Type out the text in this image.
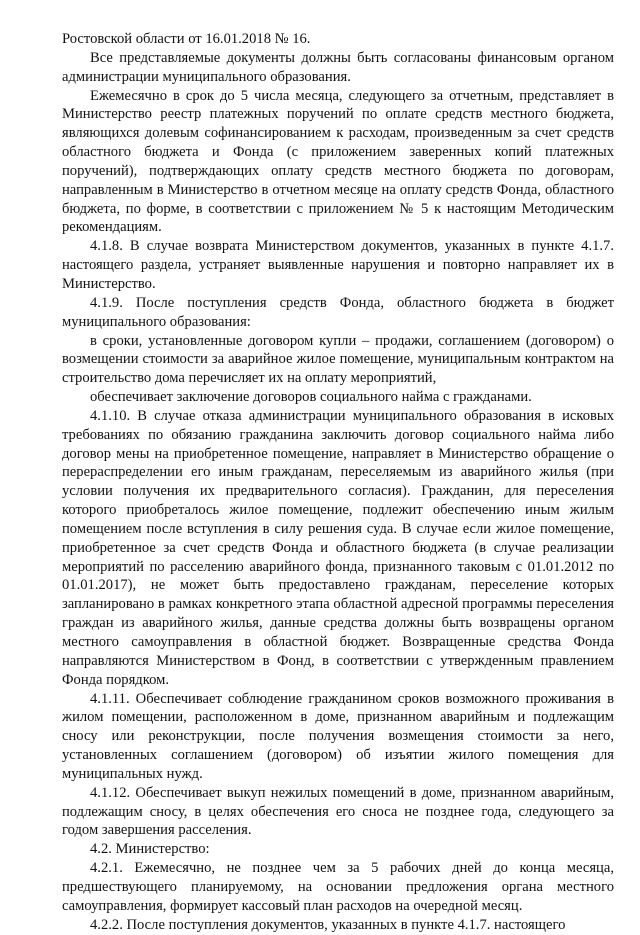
Ростовской области от 16.01.2018 № 16.

Все представляемые документы должны быть согласованы финансовым органом администрации муниципального образования.

Ежемесячно в срок до 5 числа месяца, следующего за отчетным, представляет в Министерство реестр платежных поручений по оплате средств местного бюджета, являющихся долевым софинансированием к расходам, произведенным за счет средств областного бюджета и Фонда (с приложением заверенных копий платежных поручений), подтверждающих оплату средств местного бюджета по договорам, направленным в Министерство в отчетном месяце на оплату средств Фонда, областного бюджета, по форме, в соответствии с приложением № 5 к настоящим Методическим рекомендациям.

4.1.8. В случае возврата Министерством документов, указанных в пункте 4.1.7. настоящего раздела, устраняет выявленные нарушения и повторно направляет их в Министерство.

4.1.9. После поступления средств Фонда, областного бюджета в бюджет муниципального образования:

в сроки, установленные договором купли – продажи, соглашением (договором) о возмещении стоимости за аварийное жилое помещение, муниципальным контрактом на строительство дома перечисляет их на оплату мероприятий,

обеспечивает заключение договоров социального найма с гражданами.

4.1.10. В случае отказа администрации муниципального образования в исковых требованиях по обязанию гражданина заключить договор социального найма либо договор мены на приобретенное помещение, направляет в Министерство обращение о перераспределении его иным гражданам, переселяемым из аварийного жилья (при условии получения их предварительного согласия). Гражданин, для переселения которого приобреталось жилое помещение, подлежит обеспечению иным жилым помещением после вступления в силу решения суда. В случае если жилое помещение, приобретенное за счет средств Фонда и областного бюджета (в случае реализации мероприятий по расселению аварийного фонда, признанного таковым с 01.01.2012 по 01.01.2017), не может быть предоставлено гражданам, переселение которых запланировано в рамках конкретного этапа областной адресной программы переселения граждан из аварийного жилья, данные средства должны быть возвращены органом местного самоуправления в областной бюджет. Возвращенные средства Фонда направляются Министерством в Фонд, в соответствии с утвержденным правлением Фонда порядком.

4.1.11. Обеспечивает соблюдение гражданином сроков возможного проживания в жилом помещении, расположенном в доме, признанном аварийным и подлежащим сносу или реконструкции, после получения возмещения стоимости за него, установленных соглашением (договором) об изъятии жилого помещения для муниципальных нужд.

4.1.12. Обеспечивает выкуп нежилых помещений в доме, признанном аварийным, подлежащим сносу, в целях обеспечения его сноса не позднее года, следующего за годом завершения расселения.

4.2. Министерство:

4.2.1. Ежемесячно, не позднее чем за 5 рабочих дней до конца месяца, предшествующего планируемому, на основании предложения органа местного самоуправления, формирует кассовый план расходов на очередной месяц.

4.2.2. После поступления документов, указанных в пункте 4.1.7. настоящего
